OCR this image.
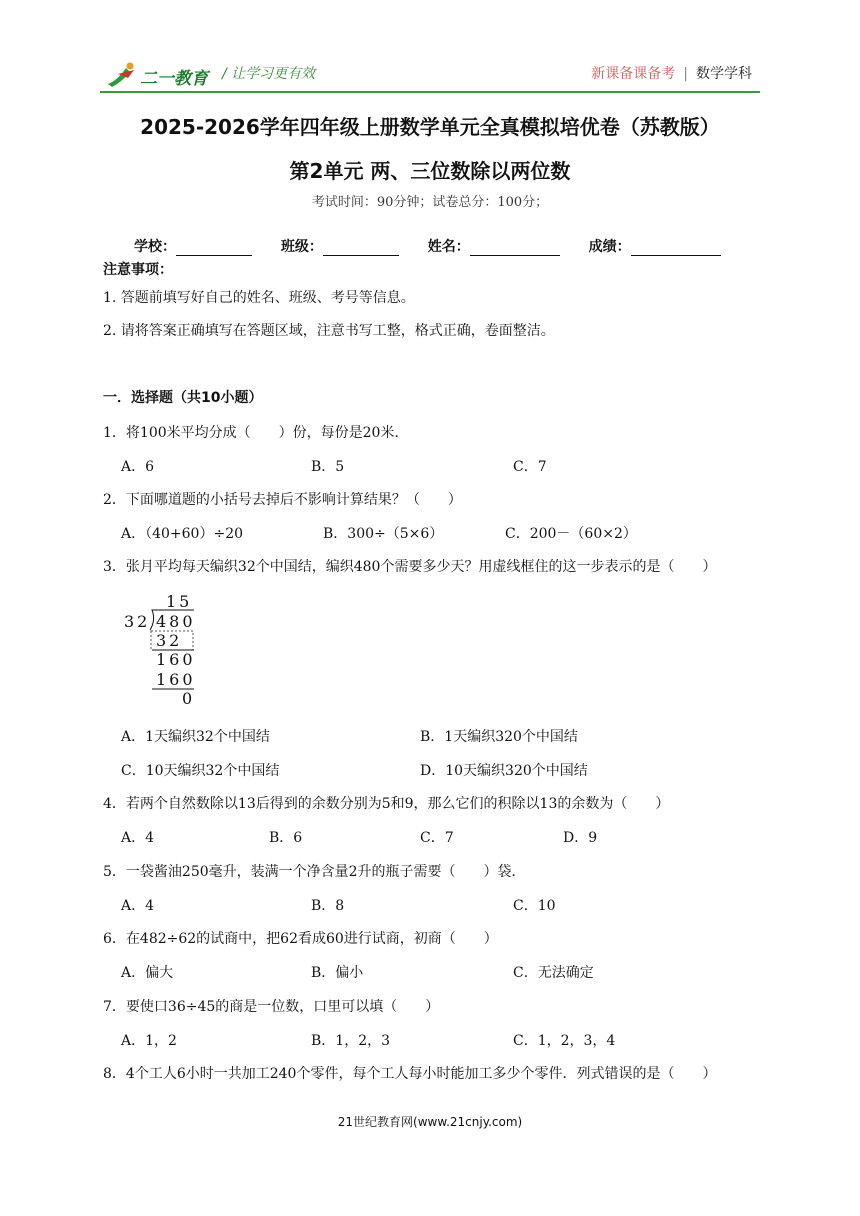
二一教育 / 让学习更有效	新课备课备考 | 数学学科
2025-2026学年四年级上册数学单元全真模拟培优卷（苏教版）
第2单元 两、三位数除以两位数
考试时间：90分钟；试卷总分：100分；
学校：	班级：	姓名：	成绩：
注意事项：
1. 答题前填写好自己的姓名、班级、考号等信息。
2. 请将答案正确填写在答题区域，注意书写工整，格式正确，卷面整洁。
一．选择题（共10小题）
1．将100米平均分成（　　）份，每份是20米．
A．6	B．5	C．7
2．下面哪道题的小括号去掉后不影响计算结果？（　　）
A．（40+60）÷20	B．300÷（5×6）	C．200－（60×2）
3．张月平均每天编织32个中国结，编织480个需要多少天？用虚线框住的这一步表示的是（　　）
15
32 480
32
160
160
0
A．1天编织32个中国结	B．1天编织320个中国结
C．10天编织32个中国结	D．10天编织320个中国结
4．若两个自然数除以13后得到的余数分别为5和9，那么它们的积除以13的余数为（　　）
A．4	B．6	C．7	D．9
5．一袋酱油250毫升，装满一个净含量2升的瓶子需要（　　）袋．
A．4	B．8	C．10
6．在482÷62的试商中，把62看成60进行试商，初商（　　）
A．偏大	B．偏小	C．无法确定
7．要使口36÷45的商是一位数，口里可以填（　　）
A．1，2	B．1，2，3	C．1，2，3，4
8．4个工人6小时一共加工240个零件，每个工人每小时能加工多少个零件．列式错误的是（　　）
21世纪教育网(www.21cnjy.com)
